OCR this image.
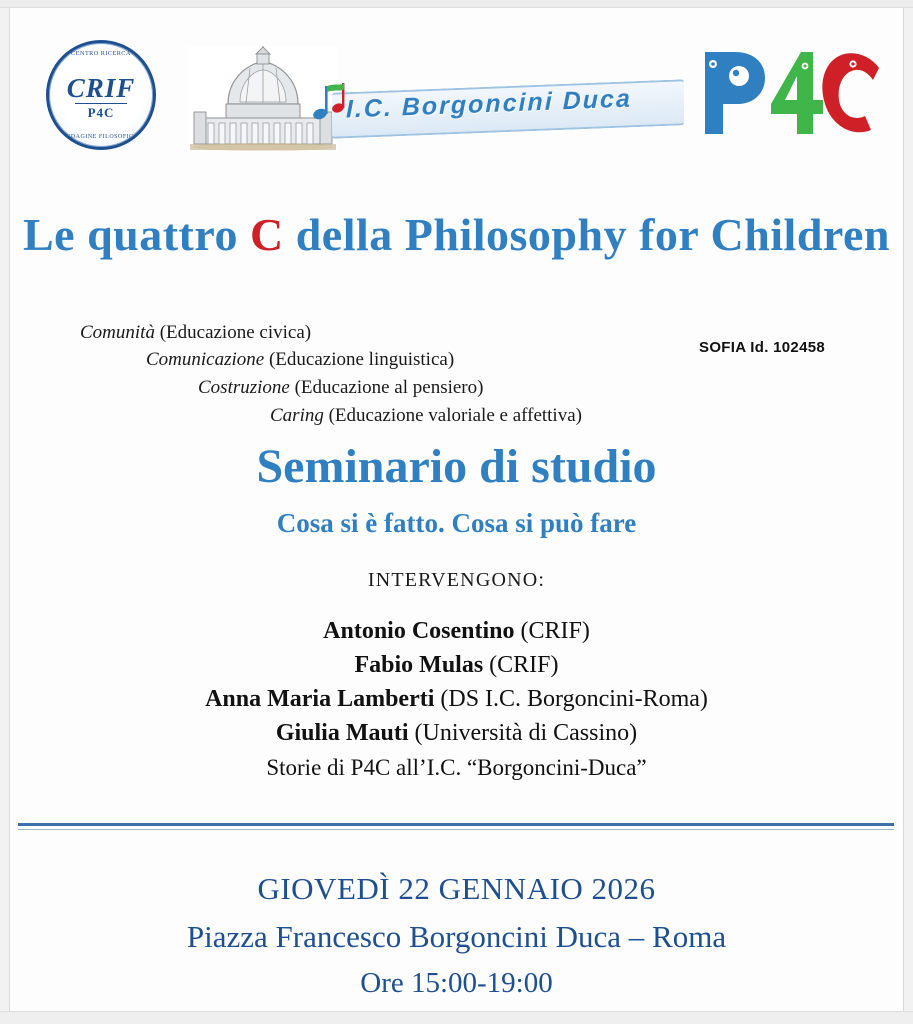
CENTRO RICERCA
INDAGINE FILOSOFICA
CRIF
P4C	I.C. Borgoncini Duca
Le quattro C della Philosophy for Children
Comunità (Educazione civica)
Comunicazione (Educazione linguistica)
Costruzione (Educazione al pensiero)
Caring (Educazione valoriale e affettiva)
SOFIA Id. 102458
Seminario di studio
Cosa si è fatto. Cosa si può fare
INTERVENGONO:
Antonio Cosentino (CRIF)
Fabio Mulas (CRIF)
Anna Maria Lamberti (DS I.C. Borgoncini-Roma)
Giulia Mauti (Università di Cassino)
Storie di P4C all’I.C. “Borgoncini-Duca”
GIOVEDÌ 22 GENNAIO 2026
Piazza Francesco Borgoncini Duca – Roma
Ore 15:00-19:00
